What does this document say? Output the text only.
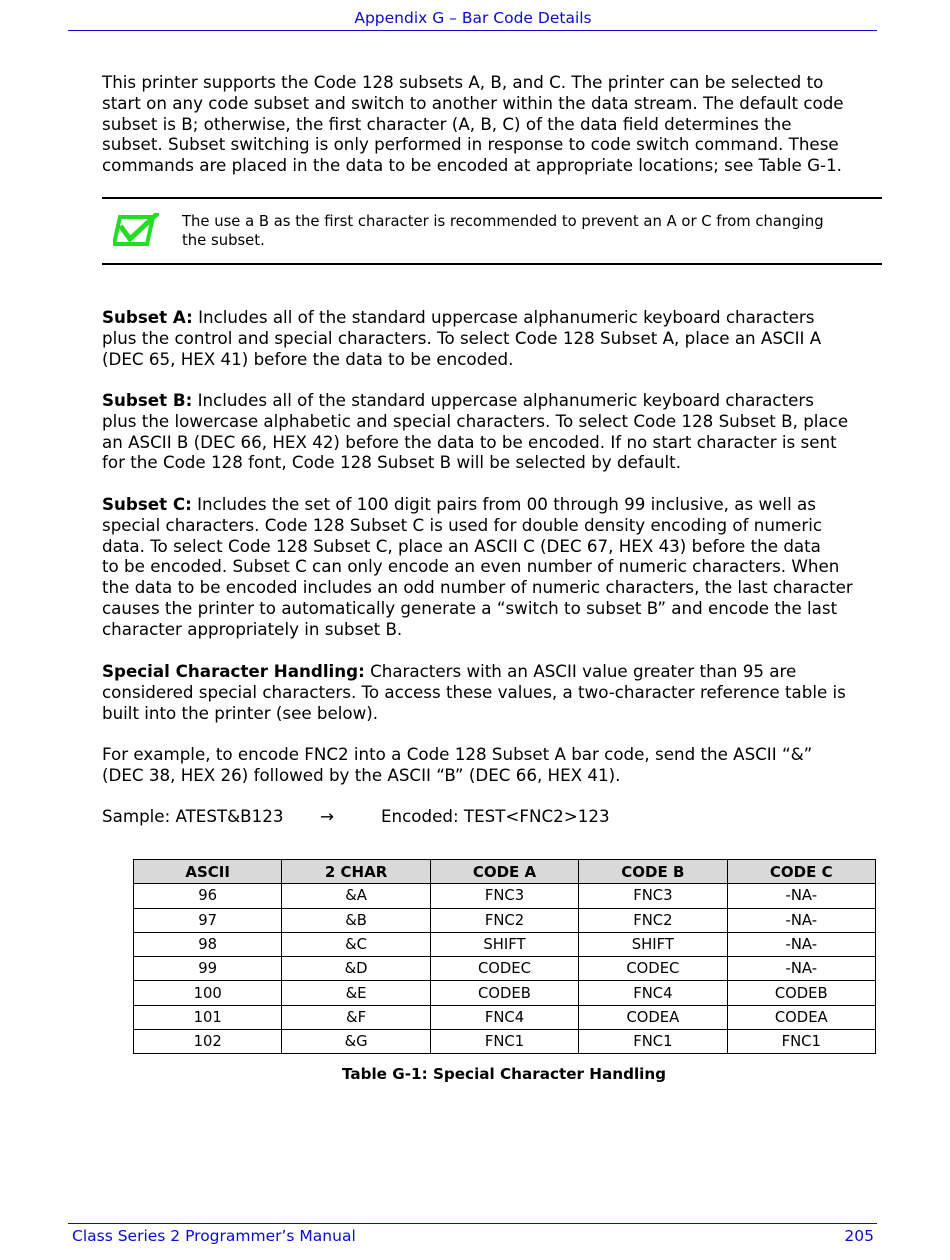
Appendix G – Bar Code Details

This printer supports the Code 128 subsets A, B, and C. The printer can be selected to

start on any code subset and switch to another within the data stream. The default code

subset is B; otherwise, the first character (A, B, C) of the data field determines the

subset. Subset switching is only performed in response to code switch command. These

commands are placed in the data to be encoded at appropriate locations; see Table G-1.

The use a B as the first character is recommended to prevent an A or C from changing

the subset.

Subset A: Includes all of the standard uppercase alphanumeric keyboard characters

plus the control and special characters. To select Code 128 Subset A, place an ASCII A

(DEC 65, HEX 41) before the data to be encoded.

Subset B: Includes all of the standard uppercase alphanumeric keyboard characters

plus the lowercase alphabetic and special characters. To select Code 128 Subset B, place

an ASCII B (DEC 66, HEX 42) before the data to be encoded. If no start character is sent

for the Code 128 font, Code 128 Subset B will be selected by default.

Subset C: Includes the set of 100 digit pairs from 00 through 99 inclusive, as well as

special characters. Code 128 Subset C is used for double density encoding of numeric

data. To select Code 128 Subset C, place an ASCII C (DEC 67, HEX 43) before the data

to be encoded. Subset C can only encode an even number of numeric characters. When

the data to be encoded includes an odd number of numeric characters, the last character

causes the printer to automatically generate a “switch to subset B” and encode the last

character appropriately in subset B.

Special Character Handling: Characters with an ASCII value greater than 95 are

considered special characters. To access these values, a two-character reference table is

built into the printer (see below).

For example, to encode FNC2 into a Code 128 Subset A bar code, send the ASCII “&”

(DEC 38, HEX 26) followed by the ASCII “B” (DEC 66, HEX 41).

Sample: ATEST&B123 →	Encoded: TEST<FNC2>123
ASCII	2 CHAR	CODE A	CODE B	CODE C
96	&A	FNC3	FNC3	-NA-
97	&B	FNC2	FNC2	-NA-
98	&C	SHIFT	SHIFT	-NA-
99	&D	CODEC	CODEC	-NA-
100	&E	CODEB	FNC4	CODEB
101	&F	FNC4	CODEA	CODEA
102	&G	FNC1	FNC1	FNC1
Table G-1: Special Character Handling
Class Series 2 Programmer’s Manual	205
